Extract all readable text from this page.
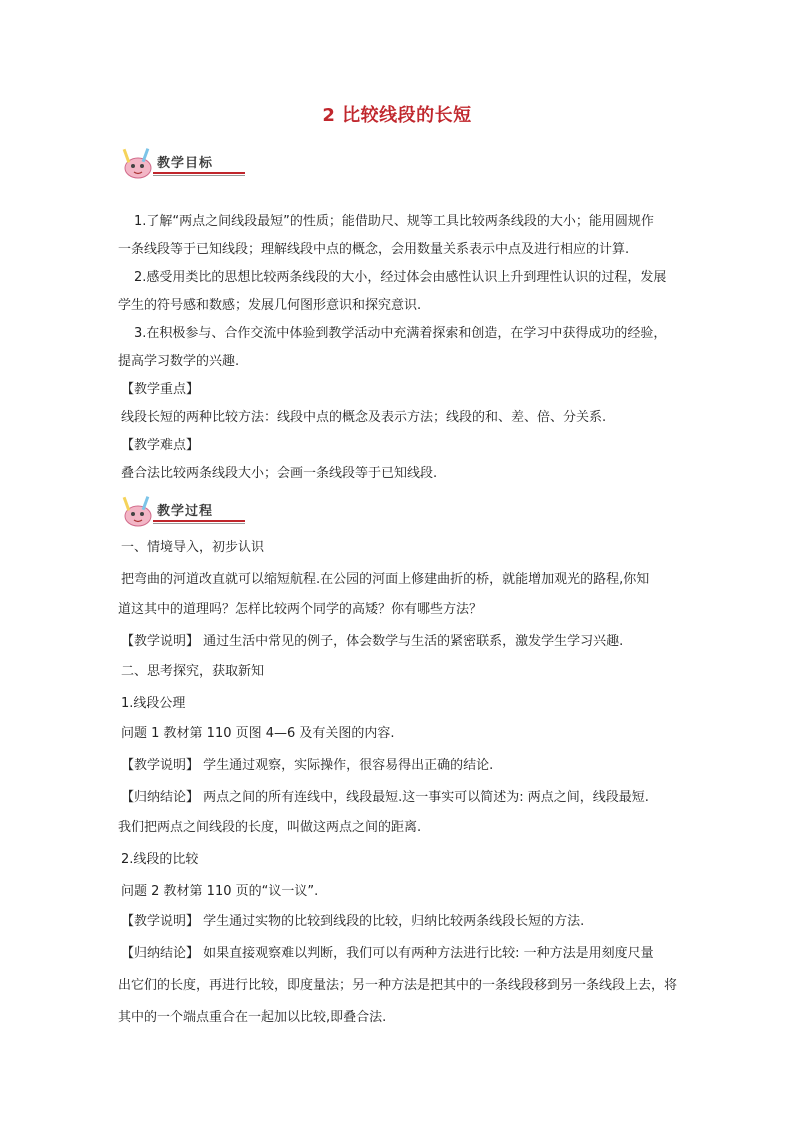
2 比较线段的长短
教学目标
1.了解“两点之间线段最短”的性质；能借助尺、规等工具比较两条线段的大小；能用圆规作
一条线段等于已知线段；理解线段中点的概念，会用数量关系表示中点及进行相应的计算.
2.感受用类比的思想比较两条线段的大小，经过体会由感性认识上升到理性认识的过程，发展
学生的符号感和数感；发展几何图形意识和探究意识.
3.在积极参与、合作交流中体验到教学活动中充满着探索和创造，在学习中获得成功的经验，
提高学习数学的兴趣.
【教学重点】
线段长短的两种比较方法：线段中点的概念及表示方法；线段的和、差、倍、分关系.
【教学难点】
叠合法比较两条线段大小；会画一条线段等于已知线段.
教学过程
一、情境导入，初步认识
把弯曲的河道改直就可以缩短航程.在公园的河面上修建曲折的桥，就能增加观光的路程,你知
道这其中的道理吗？怎样比较两个同学的高矮？你有哪些方法？
【教学说明】 通过生活中常见的例子，体会数学与生活的紧密联系，激发学生学习兴趣.
二、思考探究，获取新知
1.线段公理
问题 1 教材第 110 页图 4—6 及有关图的内容.
【教学说明】 学生通过观察，实际操作，很容易得出正确的结论.
【归纳结论】 两点之间的所有连线中，线段最短.这一事实可以简述为: 两点之间，线段最短.
我们把两点之间线段的长度，叫做这两点之间的距离.
2.线段的比较
问题 2 教材第 110 页的“议一议”.
【教学说明】 学生通过实物的比较到线段的比较，归纳比较两条线段长短的方法.
【归纳结论】 如果直接观察难以判断，我们可以有两种方法进行比较: 一种方法是用刻度尺量
出它们的长度，再进行比较，即度量法；另一种方法是把其中的一条线段移到另一条线段上去，将
其中的一个端点重合在一起加以比较,即叠合法.
